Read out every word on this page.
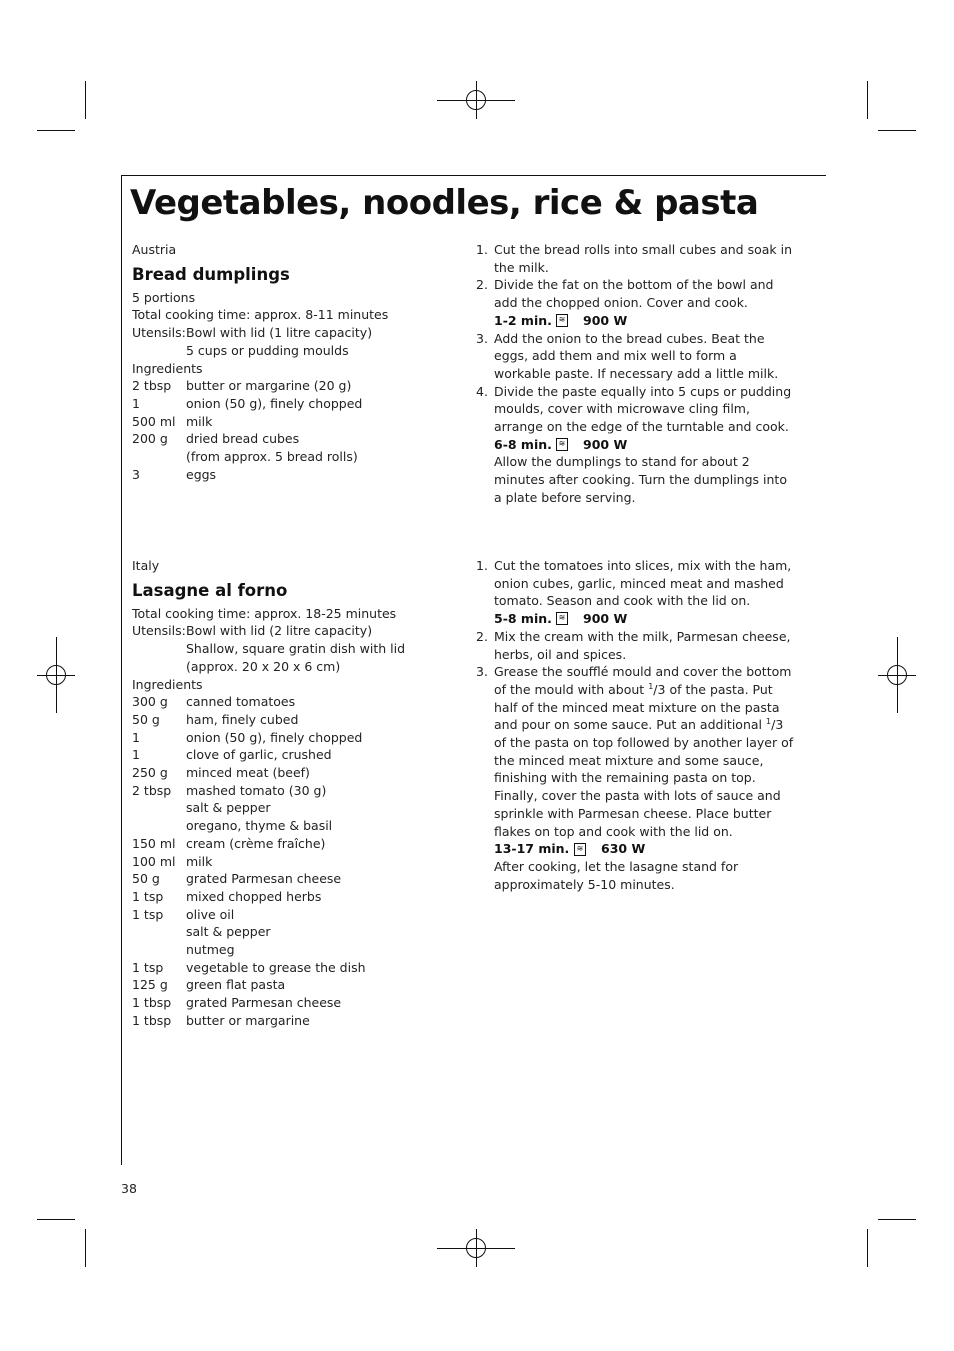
Vegetables, noodles, rice & pasta
Austria
Bread dumplings
5 portions
Total cooking time: approx. 8-11 minutes
Utensils: Bowl with lid (1 litre capacity)
5 cups or pudding moulds
Ingredients
2 tbsp	butter or margarine (20 g)
1	onion (50 g), finely chopped
500 ml milk
200 g	dried bread cubes
(from approx. 5 bread rolls)
3	eggs
1. Cut the bread rolls into small cubes and soak in the milk.
2. Divide the fat on the bottom of the bowl and add the chopped onion. Cover and cook.
1-2 min. ≋ 900 W
3. Add the onion to the bread cubes. Beat the eggs, add them and mix well to form a workable paste. If necessary add a little milk.
4. Divide the paste equally into 5 cups or pudding moulds, cover with microwave cling film, arrange on the edge of the turntable and cook.
6-8 min. ≋ 900 W
Allow the dumplings to stand for about 2 minutes after cooking. Turn the dumplings into a plate before serving.
Italy
Lasagne al forno
Total cooking time: approx. 18-25 minutes
Utensils: Bowl with lid (2 litre capacity)
Shallow, square gratin dish with lid
(approx. 20 x 20 x 6 cm)
Ingredients
300 g	canned tomatoes
50 g	ham, finely cubed
1	onion (50 g), finely chopped
1	clove of garlic, crushed
250 g	minced meat (beef)
2 tbsp	mashed tomato (30 g)
salt & pepper
oregano, thyme & basil
150 ml cream (crème fraîche)
100 ml milk
50 g	grated Parmesan cheese
1 tsp	mixed chopped herbs
1 tsp	olive oil
salt & pepper
nutmeg
1 tsp	vegetable to grease the dish
125 g	green flat pasta
1 tbsp	grated Parmesan cheese
1 tbsp	butter or margarine
1. Cut the tomatoes into slices, mix with the ham, onion cubes, garlic, minced meat and mashed tomato. Season and cook with the lid on.
5-8 min. ≋ 900 W
2. Mix the cream with the milk, Parmesan cheese, herbs, oil and spices.
3. Grease the soufflé mould and cover the bottom of the mould with about $^1$/3 of the pasta. Put half of the minced meat mixture on the pasta and pour on some sauce. Put an additional $^1$/3 of the pasta on top followed by another layer of the minced meat mixture and some sauce, finishing with the remaining pasta on top. Finally, cover the pasta with lots of sauce and sprinkle with Parmesan cheese. Place butter flakes on top and cook with the lid on.
13-17 min. ≋ 630 W
After cooking, let the lasagne stand for approximately 5-10 minutes.
38
